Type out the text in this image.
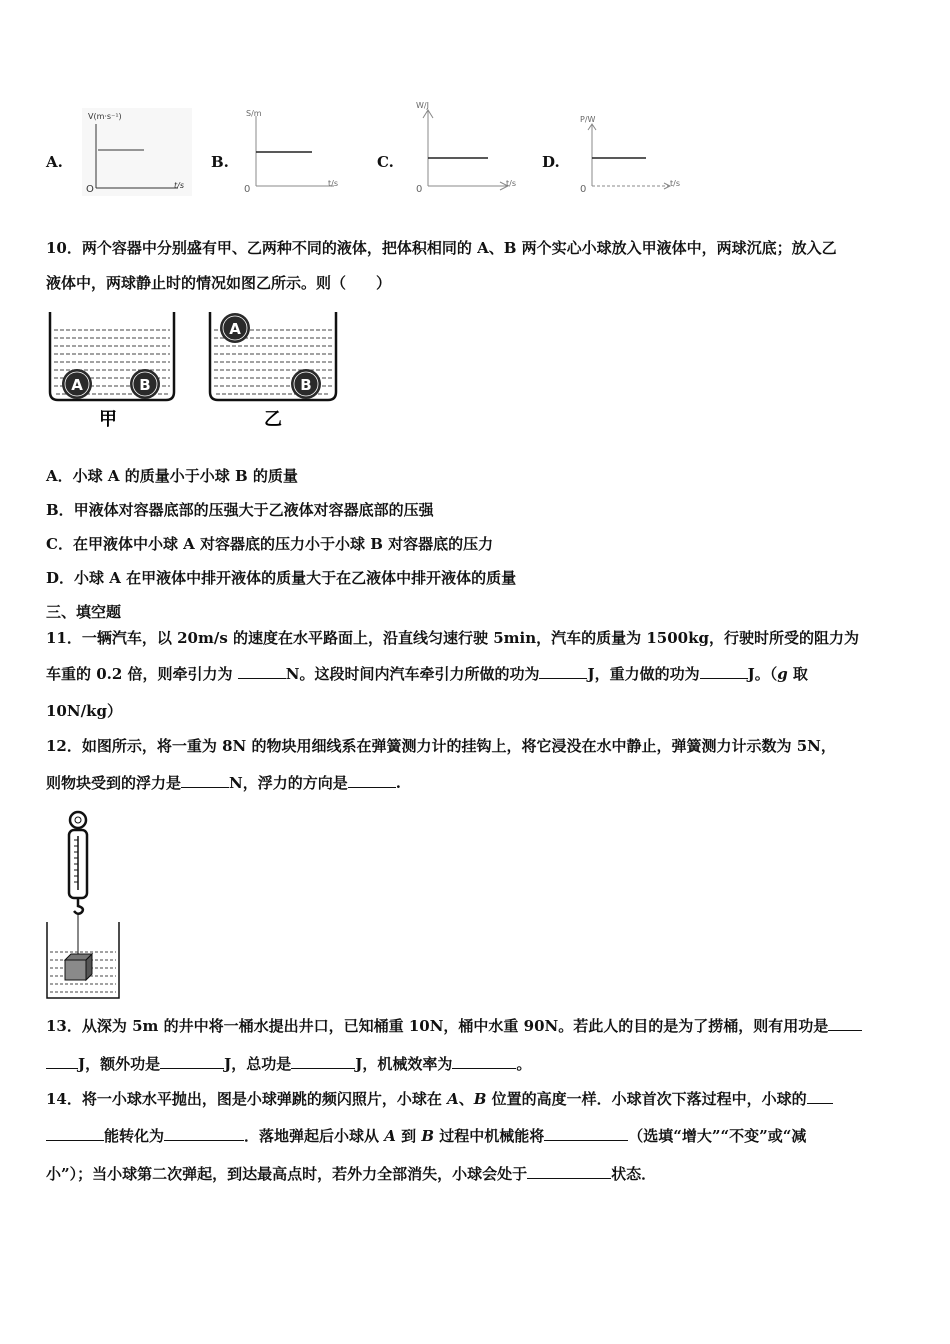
A.
V(m·s⁻¹)
t/s
O
B.
S/m
t/s
0
C.
W/J
t/s
0
D.
P/W
t/s
0
10．两个容器中分别盛有甲、乙两种不同的液体，把体积相同的 A、B 两个实心小球放入甲液体中，两球沉底；放入乙
液体中，两球静止时的情况如图乙所示。则（　　）
A	B
甲
A
B
乙
A．小球 A 的质量小于小球 B 的质量
B．甲液体对容器底部的压强大于乙液体对容器底部的压强
C．在甲液体中小球 A 对容器底的压力小于小球 B 对容器底的压力
D．小球 A 在甲液体中排开液体的质量大于在乙液体中排开液体的质量
三、填空题
11．一辆汽车，以 20m/s 的速度在水平路面上，沿直线匀速行驶 5min，汽车的质量为 1500kg，行驶时所受的阻力为
车重的 0.2 倍，则牵引力为	N。这段时间内汽车牵引力所做的功为	J，重力做的功为	J。（g 取
10N/kg）
12．如图所示，将一重为 8N 的物块用细线系在弹簧测力计的挂钩上，将它浸没在水中静止，弹簧测力计示数为 5N，
则物块受到的浮力是	N，浮力的方向是	.
13．从深为 5m 的井中将一桶水提出井口，已知桶重 10N，桶中水重 90N。若此人的目的是为了捞桶，则有用功是
J，额外功是	J，总功是	J，机械效率为	。
14．将一小球水平抛出，图是小球弹跳的频闪照片，小球在 A、B 位置的高度一样．小球首次下落过程中，小球的
能转化为	．落地弹起后小球从 A 到 B 过程中机械能将	（选填“增大”“不变”或“减
小”）；当小球第二次弹起，到达最高点时，若外力全部消失，小球会处于	状态．
